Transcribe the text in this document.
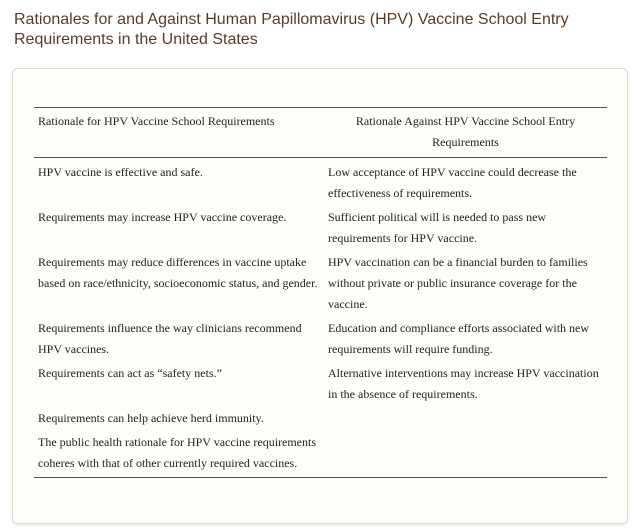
Rationales for and Against Human Papillomavirus (HPV) Vaccine School Entry Requirements in the United States
Rationale for HPV Vaccine School Requirements	Rationale Against HPV Vaccine School Entry Requirements
HPV vaccine is effective and safe.	Low acceptance of HPV vaccine could decrease the effectiveness of requirements.
Requirements may increase HPV vaccine coverage.	Sufficient political will is needed to pass new requirements for HPV vaccine.
Requirements may reduce differences in vaccine uptake based on race/ethnicity, socioeconomic status, and gender.	HPV vaccination can be a financial burden to families without private or public insurance coverage for the vaccine.
Requirements influence the way clinicians recommend HPV vaccines.	Education and compliance efforts associated with new requirements will require funding.
Requirements can act as “safety nets.”	Alternative interventions may increase HPV vaccination in the absence of requirements.
Requirements can help achieve herd immunity.	
The public health rationale for HPV vaccine requirements coheres with that of other currently required vaccines.	
